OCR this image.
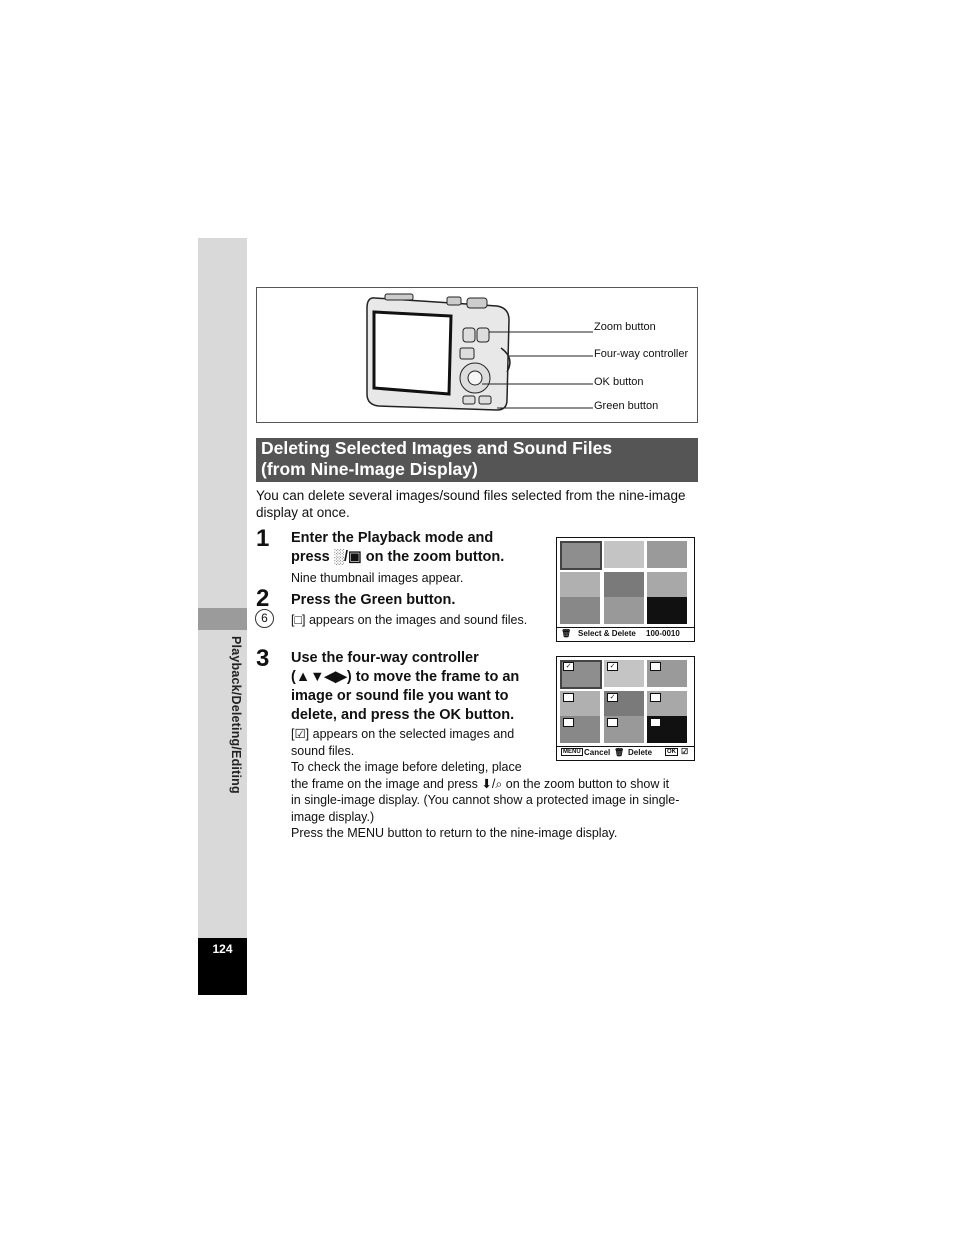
6
Playback/Deleting/Editing
124
Zoom button
Four-way controller
OK button
Green button
Deleting Selected Images and Sound Files
(from Nine-Image Display)
You can delete several images/sound files selected from the nine-image display at once.
1 Enter the Playback mode and
press ░/▣ on the zoom button.
Nine thumbnail images appear.
2 Press the Green button.
[□] appears on the images and sound files.
3 Use the four-way controller
(▲▼◀▶) to move the frame to an
image or sound file you want to
delete, and press the OK button.
[☑] appears on the selected images and
sound files.
To check the image before deleting, place
the frame on the image and press ⬇/⌕ on the zoom button to show it
in single-image display. (You cannot show a protected image in single-
image display.)
Press the MENU button to return to the nine-image display.
🗑 Select & Delete 100-0010
✓	✓
✓
MENU Cancel 🗑 Delete	OK ☑
